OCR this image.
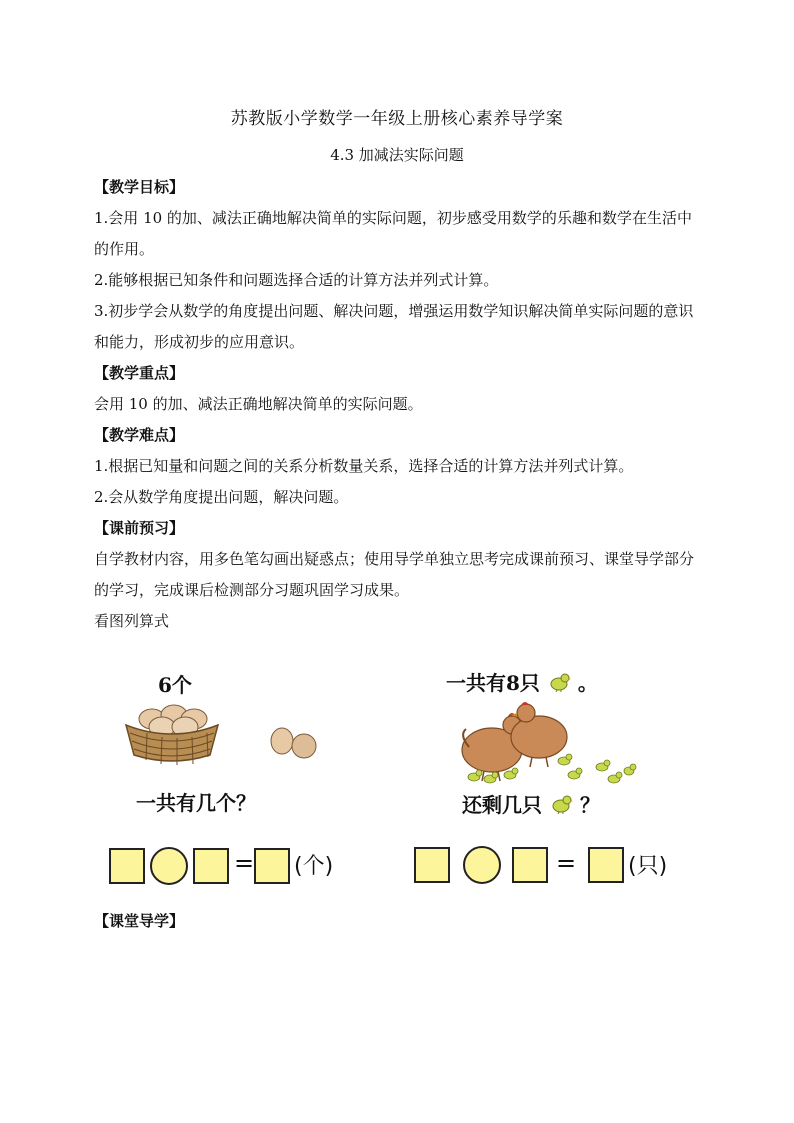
苏教版小学数学一年级上册核心素养导学案
4.3 加减法实际问题

【教学目标】

1.会用 10 的加、减法正确地解决简单的实际问题，初步感受用数学的乐趣和数学在生活中的作用。

2.能够根据已知条件和问题选择合适的计算方法并列式计算。

3.初步学会从数学的角度提出问题、解决问题，增强运用数学知识解决简单实际问题的意识和能力，形成初步的应用意识。

【教学重点】

会用 10 的加、减法正确地解决简单的实际问题。

【教学难点】

1.根据已知量和问题之间的关系分析数量关系，选择合适的计算方法并列式计算。

2.会从数学角度提出问题，解决问题。

【课前预习】

自学教材内容，用多色笔勾画出疑惑点；使用导学单独立思考完成课前预习、课堂导学部分的学习，完成课后检测部分习题巩固学习成果。

看图列算式

6个
一共有几个？
= (个)
一共有8只 。
还剩几只 ？
= (只)
【课堂导学】
